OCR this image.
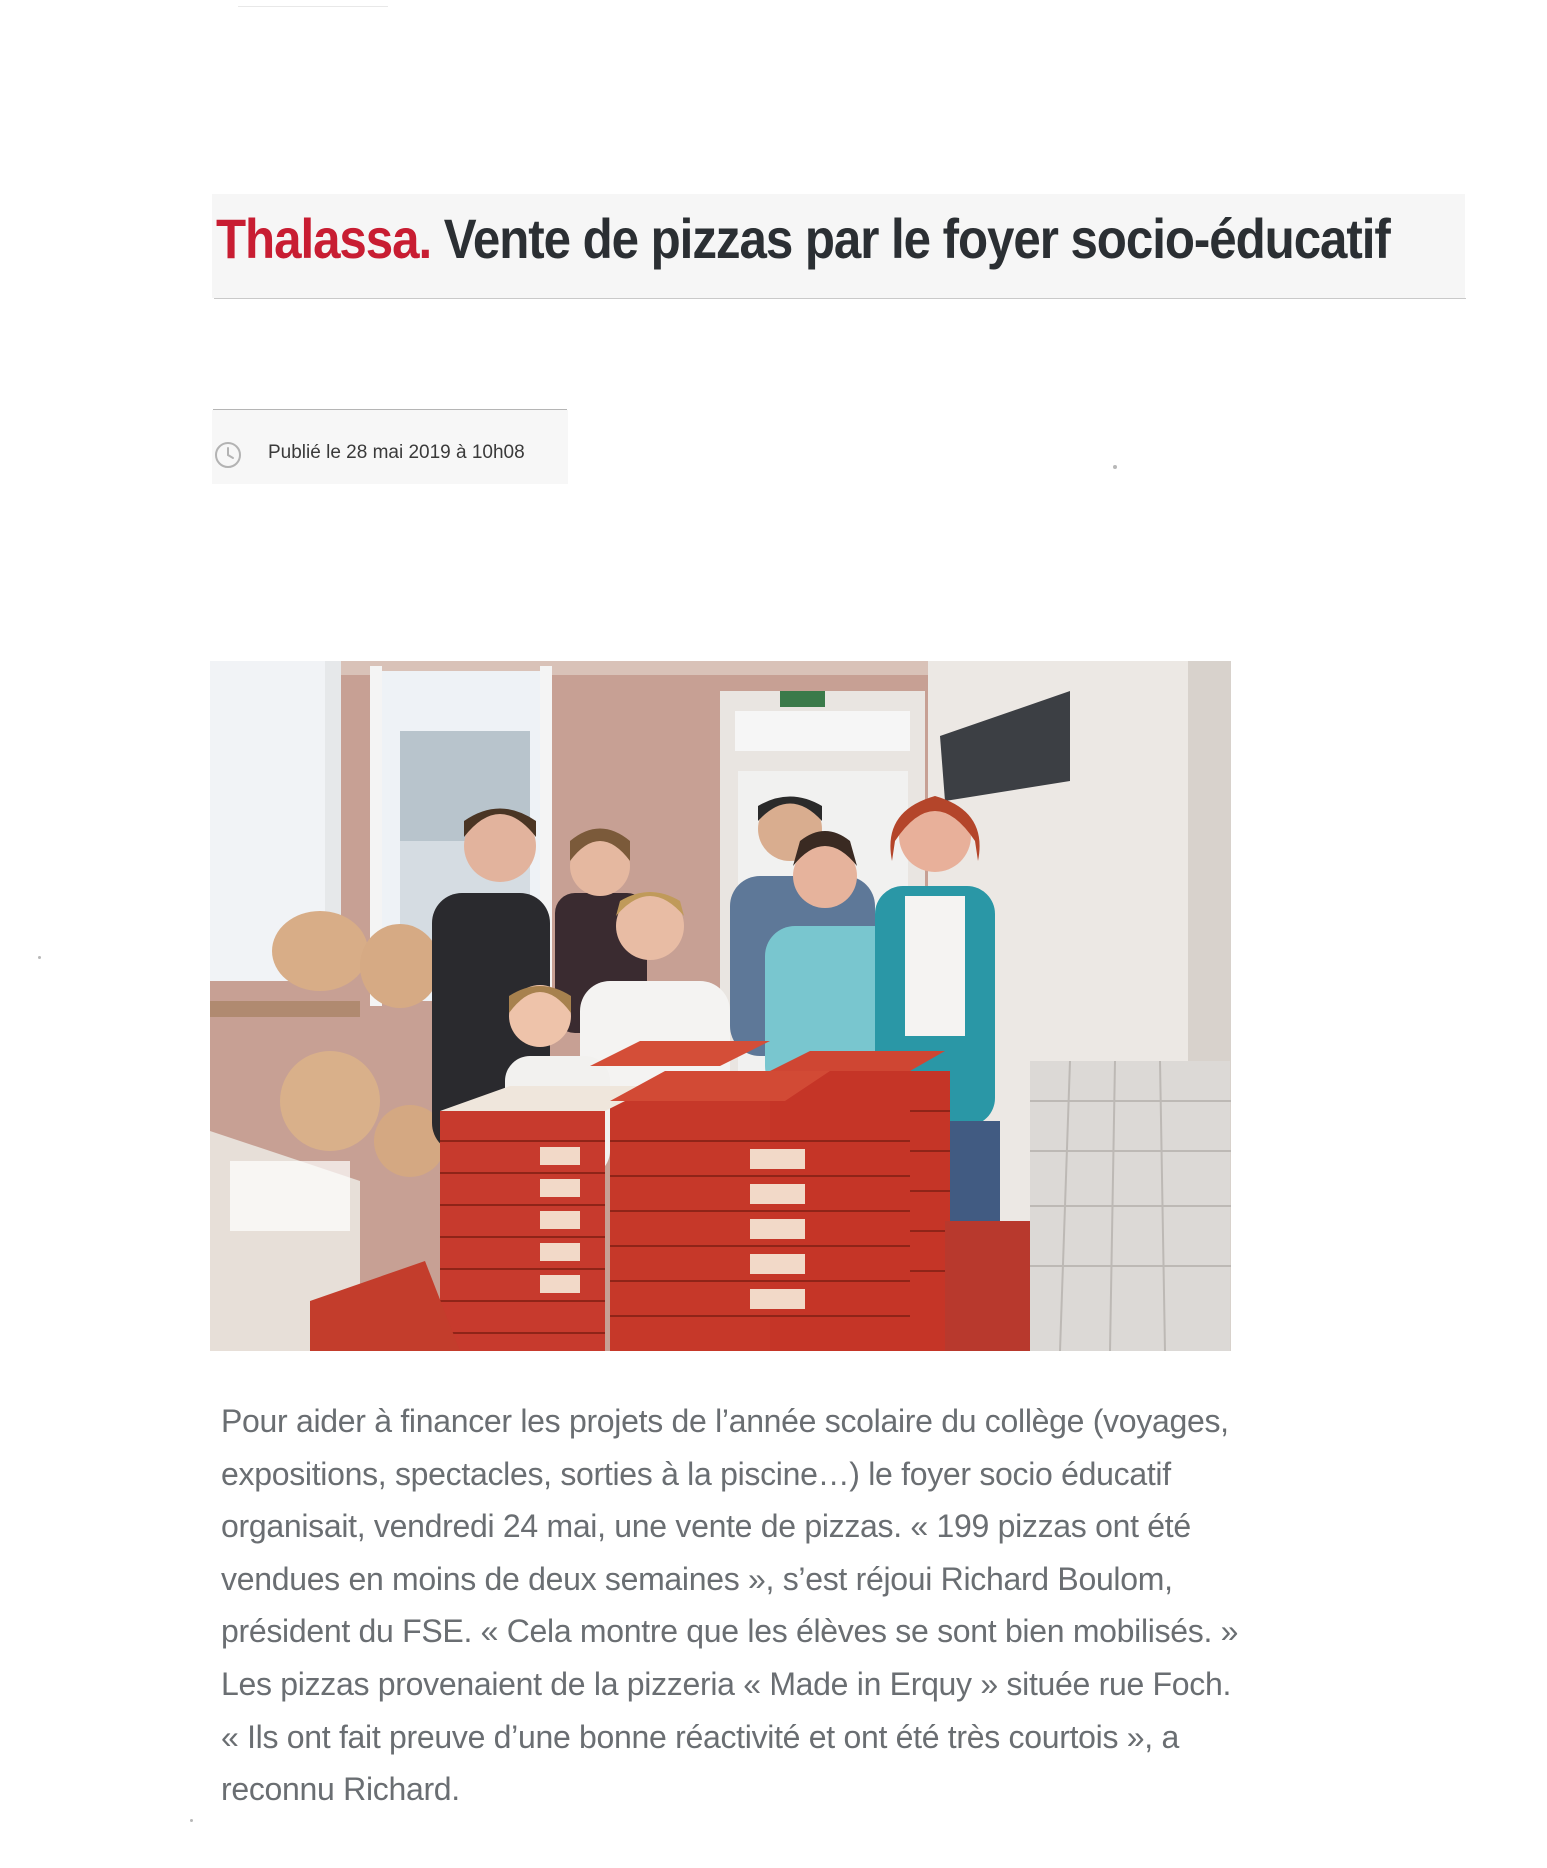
Thalassa. Vente de pizzas par le foyer socio-éducatif
Publié le 28 mai 2019 à 10h08

Pour aider à financer les projets de l’année scolaire du collège (voyages,
expositions, spectacles, sorties à la piscine…) le foyer socio éducatif
organisait, vendredi 24 mai, une vente de pizzas. « 199 pizzas ont été
vendues en moins de deux semaines », s’est réjoui Richard Boulom,
président du FSE. « Cela montre que les élèves se sont bien mobilisés. »
Les pizzas provenaient de la pizzeria « Made in Erquy » située rue Foch.
« Ils ont fait preuve d’une bonne réactivité et ont été très courtois », a
reconnu Richard.
